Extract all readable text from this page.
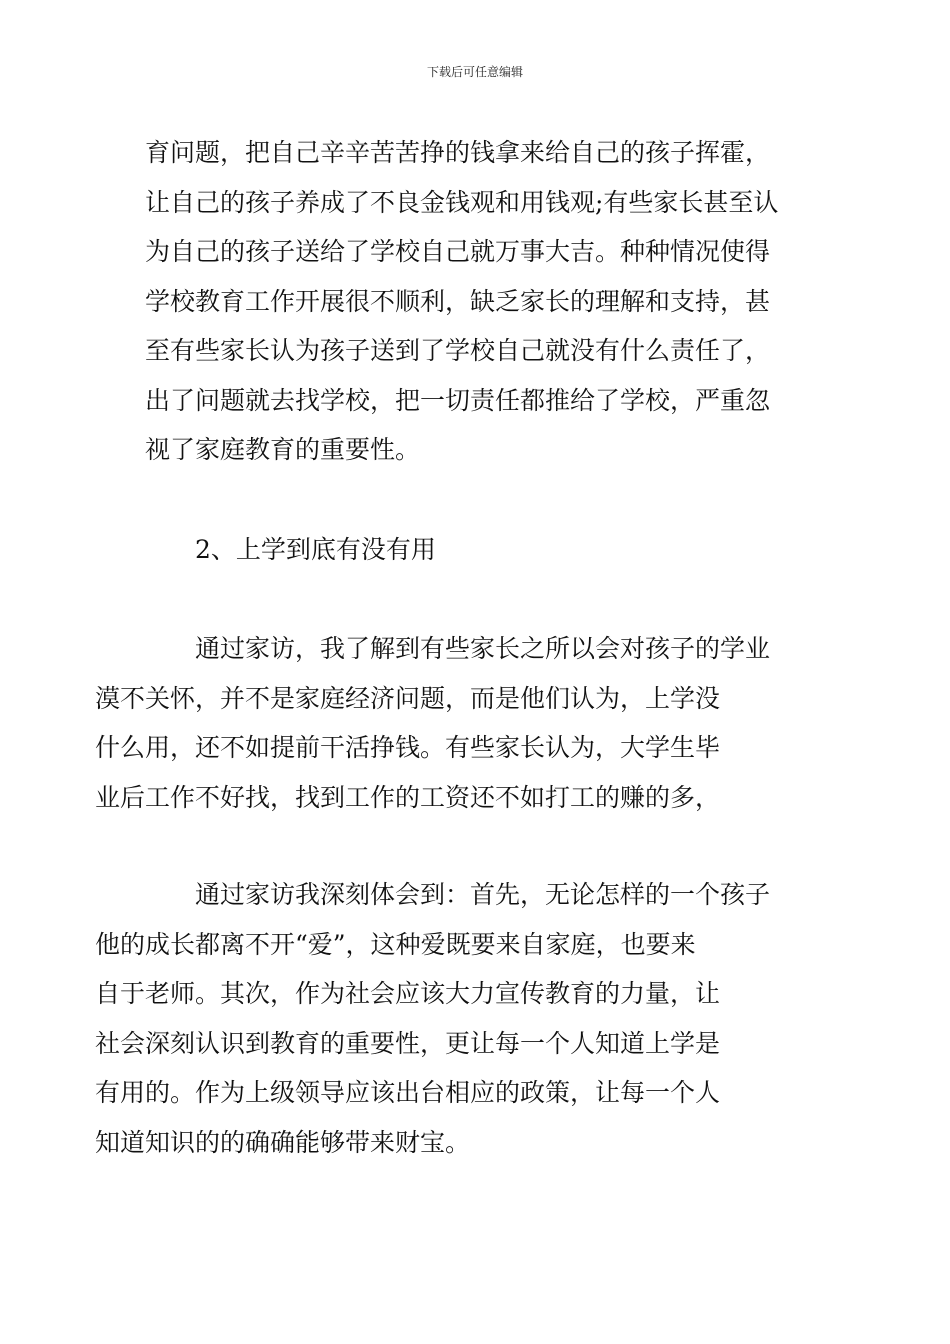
下载后可任意编辑
育问题，把自己辛辛苦苦挣的钱拿来给自己的孩子挥霍，
让自己的孩子养成了不良金钱观和用钱观;有些家长甚至认
为自己的孩子送给了学校自己就万事大吉。种种情况使得
学校教育工作开展很不顺利，缺乏家长的理解和支持，甚
至有些家长认为孩子送到了学校自己就没有什么责任了，
出了问题就去找学校，把一切责任都推给了学校，严重忽
视了家庭教育的重要性。
2、上学到底有没有用
通过家访，我了解到有些家长之所以会对孩子的学业
漠不关怀，并不是家庭经济问题，而是他们认为，上学没
什么用，还不如提前干活挣钱。有些家长认为，大学生毕
业后工作不好找，找到工作的工资还不如打工的赚的多，
通过家访我深刻体会到：首先，无论怎样的一个孩子
他的成长都离不开“爱”，这种爱既要来自家庭，也要来
自于老师。其次，作为社会应该大力宣传教育的力量，让
社会深刻认识到教育的重要性，更让每一个人知道上学是
有用的。作为上级领导应该出台相应的政策，让每一个人
知道知识的的确确能够带来财宝。
